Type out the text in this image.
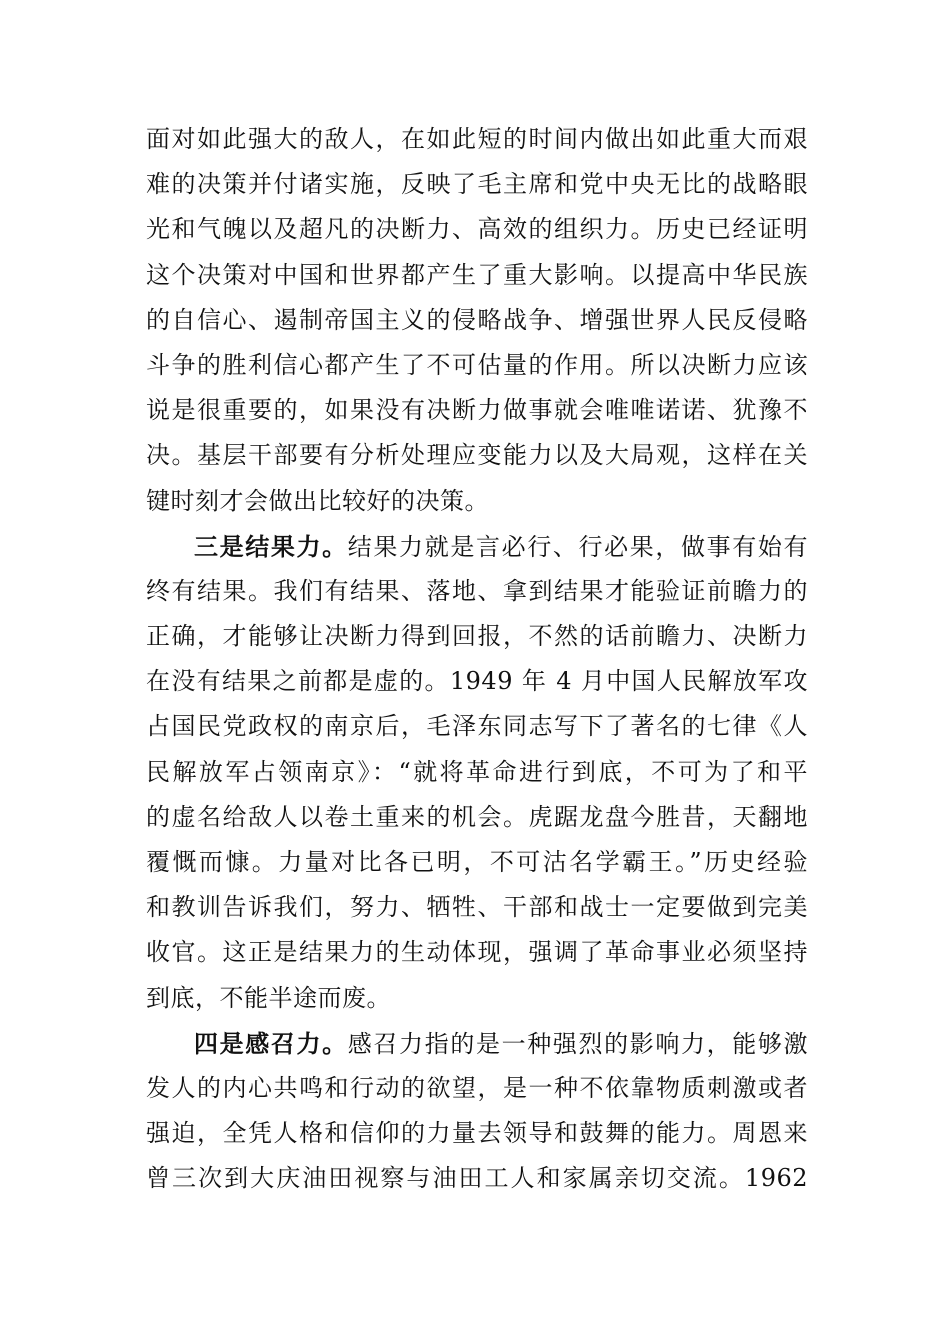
面对如此强大的敌人，在如此短的时间内做出如此重大而艰
难的决策并付诸实施，反映了毛主席和党中央无比的战略眼
光和气魄以及超凡的决断力、高效的组织力。历史已经证明
这个决策对中国和世界都产生了重大影响。以提高中华民族
的自信心、遏制帝国主义的侵略战争、增强世界人民反侵略
斗争的胜利信心都产生了不可估量的作用。所以决断力应该
说是很重要的，如果没有决断力做事就会唯唯诺诺、犹豫不
决。基层干部要有分析处理应变能力以及大局观，这样在关
键时刻才会做出比较好的决策。
三是结果力。结果力就是言必行、行必果，做事有始有
终有结果。我们有结果、落地、拿到结果才能验证前瞻力的
正确，才能够让决断力得到回报，不然的话前瞻力、决断力
在没有结果之前都是虚的。1949 年 4 月中国人民解放军攻
占国民党政权的南京后，毛泽东同志写下了著名的七律《人
民解放军占领南京》：“就将革命进行到底，不可为了和平
的虚名给敌人以卷土重来的机会。虎踞龙盘今胜昔，天翻地
覆慨而慷。力量对比各已明，不可沽名学霸王。”历史经验
和教训告诉我们，努力、牺牲、干部和战士一定要做到完美
收官。这正是结果力的生动体现，强调了革命事业必须坚持
到底，不能半途而废。
四是感召力。感召力指的是一种强烈的影响力，能够激
发人的内心共鸣和行动的欲望，是一种不依靠物质刺激或者
强迫，全凭人格和信仰的力量去领导和鼓舞的能力。周恩来
曾三次到大庆油田视察与油田工人和家属亲切交流。1962
